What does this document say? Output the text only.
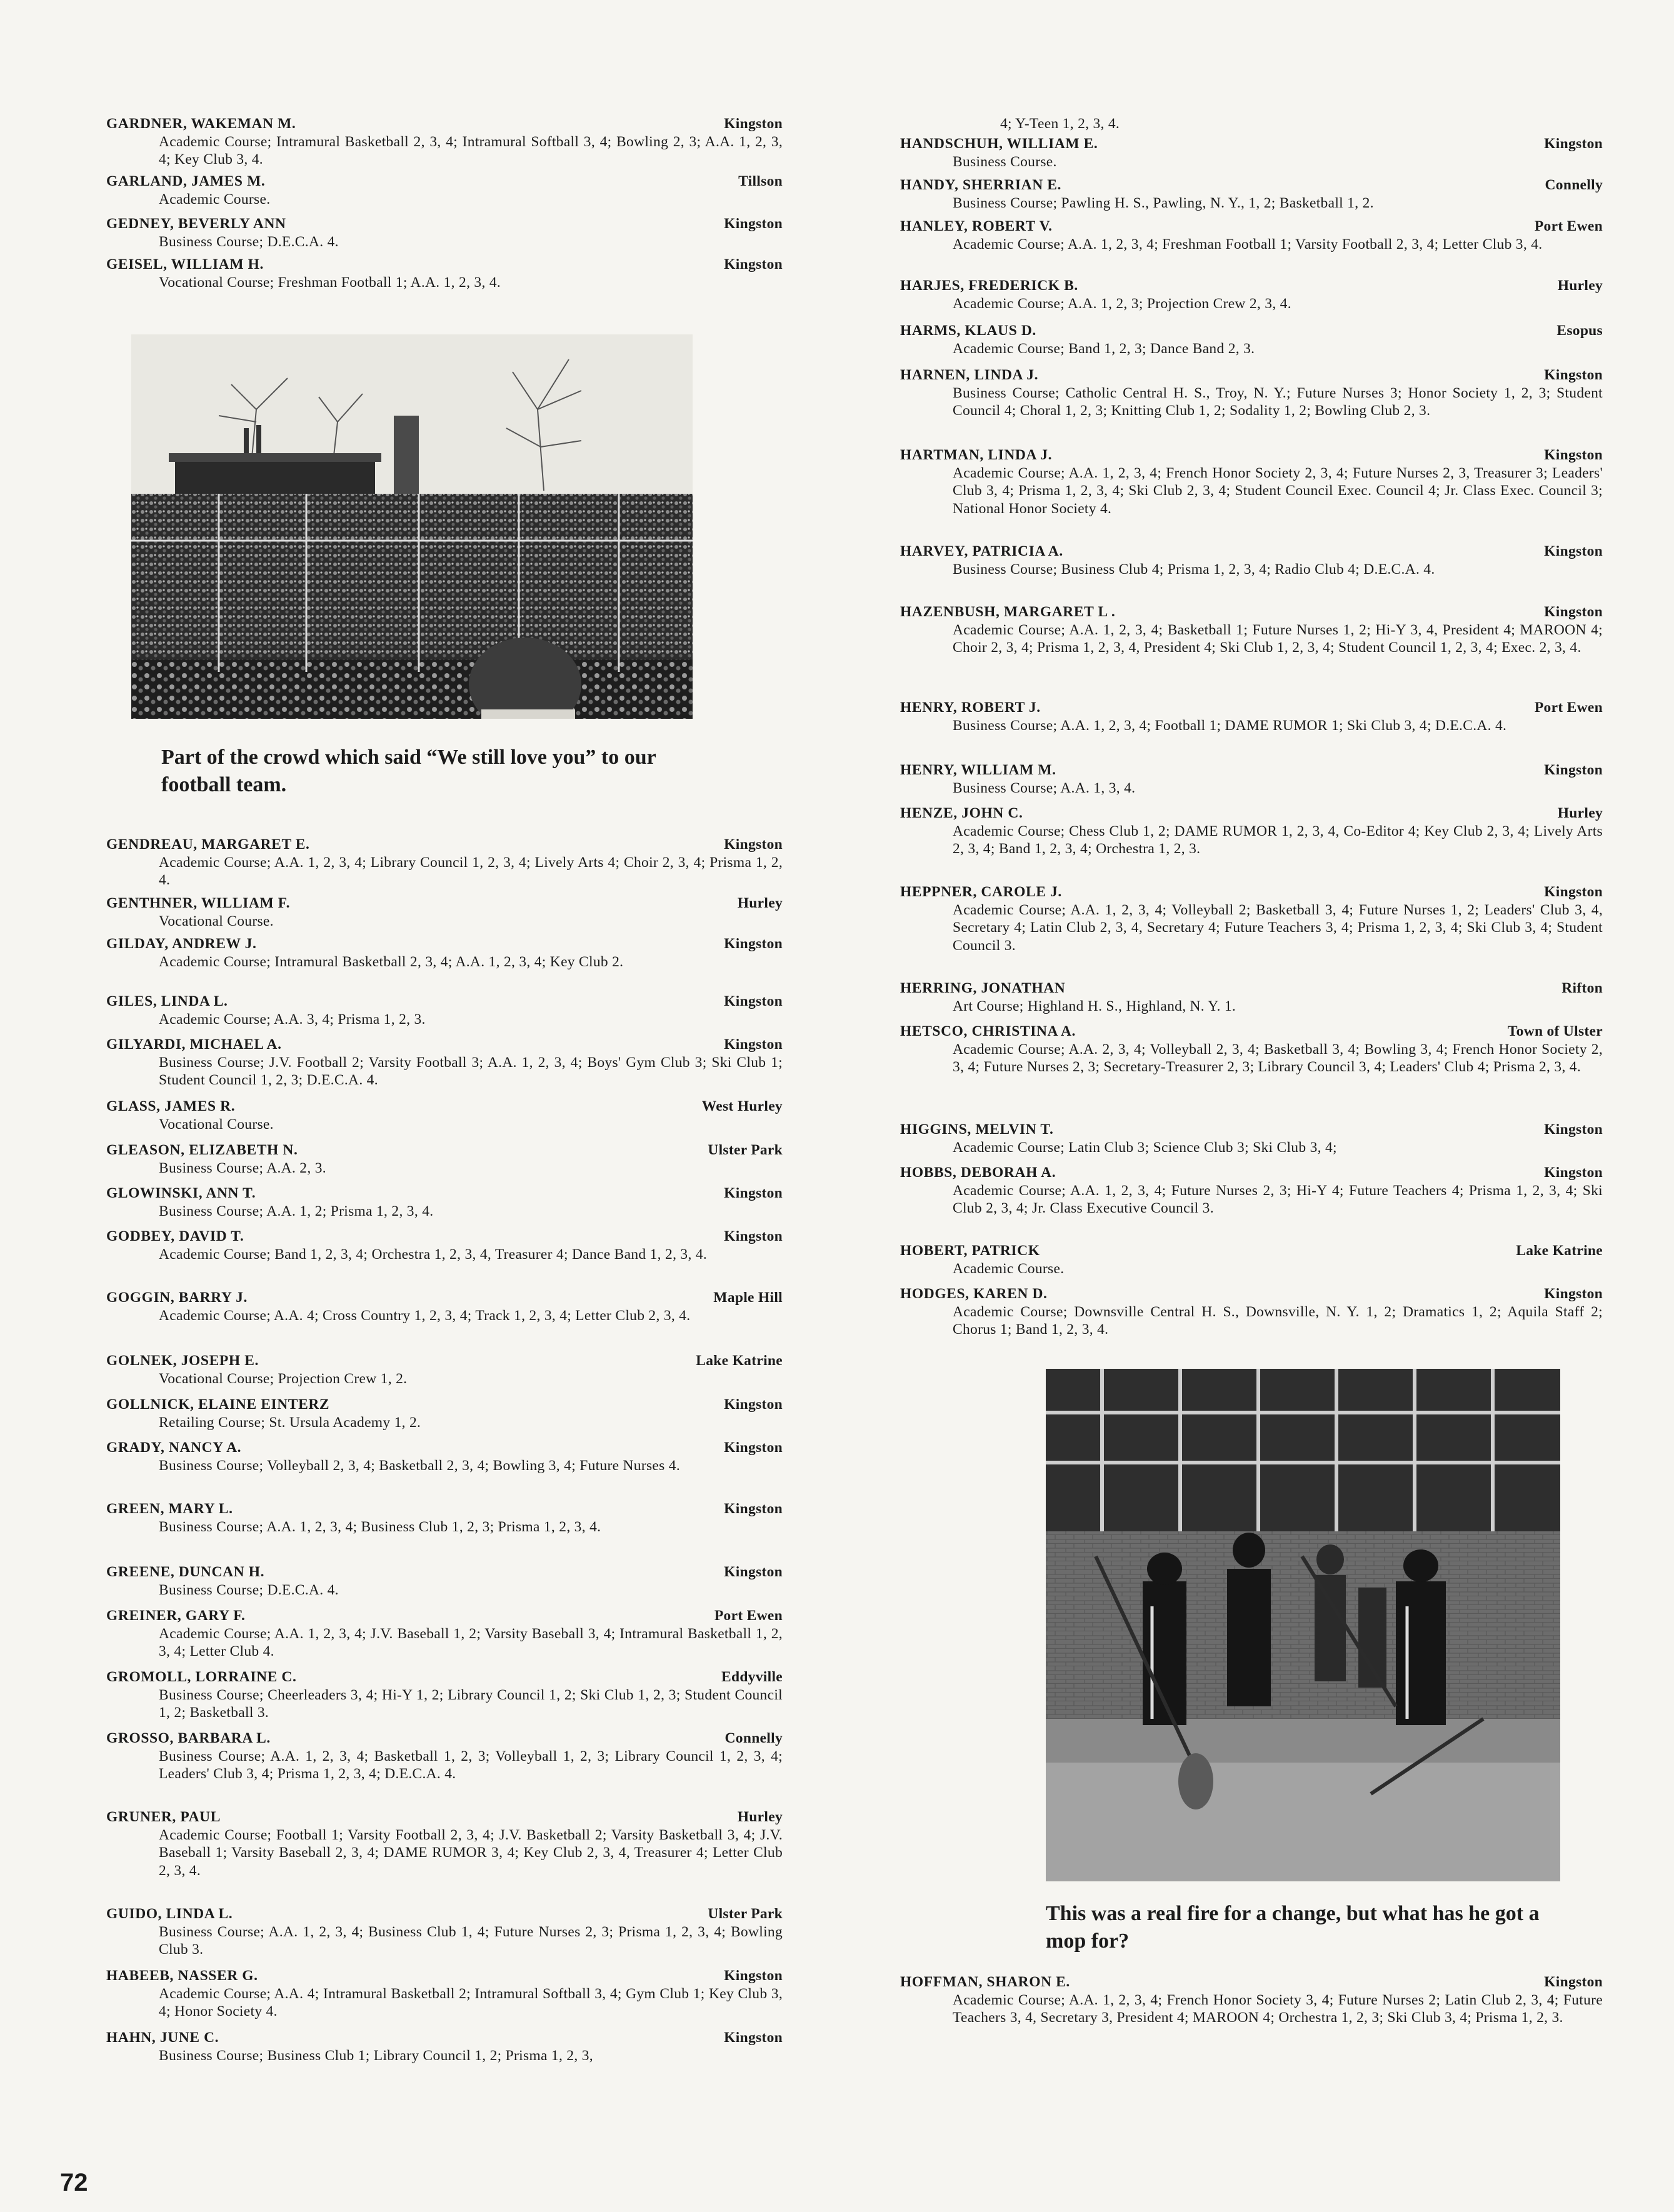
GARDNER, WAKEMAN M.	Kingston
Academic Course; Intramural Basketball 2, 3, 4; Intramural Softball 3, 4; Bowling 2, 3; A.A. 1, 2, 3, 4; Key Club 3, 4.
GARLAND, JAMES M.	Tillson
Academic Course.
GEDNEY, BEVERLY ANN	Kingston
Business Course; D.E.C.A. 4.
GEISEL, WILLIAM H.	Kingston
Vocational Course; Freshman Football 1; A.A. 1, 2, 3, 4.
Part of the crowd which said “We still love you” to our football team.
GENDREAU, MARGARET E.	Kingston
Academic Course; A.A. 1, 2, 3, 4; Library Council 1, 2, 3, 4; Lively Arts 4; Choir 2, 3, 4; Prisma 1, 2, 4.
GENTHNER, WILLIAM F.	Hurley
Vocational Course.
GILDAY, ANDREW J.	Kingston
Academic Course; Intramural Basketball 2, 3, 4; A.A. 1, 2, 3, 4; Key Club 2.
GILES, LINDA L.	Kingston
Academic Course; A.A. 3, 4; Prisma 1, 2, 3.
GILYARDI, MICHAEL A.	Kingston
Business Course; J.V. Football 2; Varsity Football 3; A.A. 1, 2, 3, 4; Boys' Gym Club 3; Ski Club 1; Student Council 1, 2, 3; D.E.C.A. 4.
GLASS, JAMES R.	West Hurley
Vocational Course.
GLEASON, ELIZABETH N.	Ulster Park
Business Course; A.A. 2, 3.
GLOWINSKI, ANN T.	Kingston
Business Course; A.A. 1, 2; Prisma 1, 2, 3, 4.
GODBEY, DAVID T.	Kingston
Academic Course; Band 1, 2, 3, 4; Orchestra 1, 2, 3, 4, Treasurer 4; Dance Band 1, 2, 3, 4.
GOGGIN, BARRY J.	Maple Hill
Academic Course; A.A. 4; Cross Country 1, 2, 3, 4; Track 1, 2, 3, 4; Letter Club 2, 3, 4.
GOLNEK, JOSEPH E.	Lake Katrine
Vocational Course; Projection Crew 1, 2.
GOLLNICK, ELAINE EINTERZ	Kingston
Retailing Course; St. Ursula Academy 1, 2.
GRADY, NANCY A.	Kingston
Business Course; Volleyball 2, 3, 4; Basketball 2, 3, 4; Bowling 3, 4; Future Nurses 4.
GREEN, MARY L.	Kingston
Business Course; A.A. 1, 2, 3, 4; Business Club 1, 2, 3; Prisma 1, 2, 3, 4.
GREENE, DUNCAN H.	Kingston
Business Course; D.E.C.A. 4.
GREINER, GARY F.	Port Ewen
Academic Course; A.A. 1, 2, 3, 4; J.V. Baseball 1, 2; Varsity Baseball 3, 4; Intramural Basketball 1, 2, 3, 4; Letter Club 4.
GROMOLL, LORRAINE C.	Eddyville
Business Course; Cheerleaders 3, 4; Hi-Y 1, 2; Library Council 1, 2; Ski Club 1, 2, 3; Student Council 1, 2; Basketball 3.
GROSSO, BARBARA L.	Connelly
Business Course; A.A. 1, 2, 3, 4; Basketball 1, 2, 3; Volleyball 1, 2, 3; Library Council 1, 2, 3, 4; Leaders' Club 3, 4; Prisma 1, 2, 3, 4; D.E.C.A. 4.
GRUNER, PAUL	Hurley
Academic Course; Football 1; Varsity Football 2, 3, 4; J.V. Basketball 2; Varsity Basketball 3, 4; J.V. Baseball 1; Varsity Baseball 2, 3, 4; DAME RUMOR 3, 4; Key Club 2, 3, 4, Treasurer 4; Letter Club 2, 3, 4.
GUIDO, LINDA L.	Ulster Park
Business Course; A.A. 1, 2, 3, 4; Business Club 1, 4; Future Nurses 2, 3; Prisma 1, 2, 3, 4; Bowling Club 3.
HABEEB, NASSER G.	Kingston
Academic Course; A.A. 4; Intramural Basketball 2; Intramural Softball 3, 4; Gym Club 1; Key Club 3, 4; Honor Society 4.
HAHN, JUNE C.	Kingston
Business Course; Business Club 1; Library Council 1, 2; Prisma 1, 2, 3,
4; Y-Teen 1, 2, 3, 4.
HANDSCHUH, WILLIAM E.	Kingston
Business Course.
HANDY, SHERRIAN E.	Connelly
Business Course; Pawling H. S., Pawling, N. Y., 1, 2; Basketball 1, 2.
HANLEY, ROBERT V.	Port Ewen
Academic Course; A.A. 1, 2, 3, 4; Freshman Football 1; Varsity Football 2, 3, 4; Letter Club 3, 4.
HARJES, FREDERICK B.	Hurley
Academic Course; A.A. 1, 2, 3; Projection Crew 2, 3, 4.
HARMS, KLAUS D.	Esopus
Academic Course; Band 1, 2, 3; Dance Band 2, 3.
HARNEN, LINDA J.	Kingston
Business Course; Catholic Central H. S., Troy, N. Y.; Future Nurses 3; Honor Society 1, 2, 3; Student Council 4; Choral 1, 2, 3; Knitting Club 1, 2; Sodality 1, 2; Bowling Club 2, 3.
HARTMAN, LINDA J.	Kingston
Academic Course; A.A. 1, 2, 3, 4; French Honor Society 2, 3, 4; Future Nurses 2, 3, Treasurer 3; Leaders' Club 3, 4; Prisma 1, 2, 3, 4; Ski Club 2, 3, 4; Student Council Exec. Council 4; Jr. Class Exec. Council 3; National Honor Society 4.
HARVEY, PATRICIA A.	Kingston
Business Course; Business Club 4; Prisma 1, 2, 3, 4; Radio Club 4; D.E.C.A. 4.
HAZENBUSH, MARGARET L .	Kingston
Academic Course; A.A. 1, 2, 3, 4; Basketball 1; Future Nurses 1, 2; Hi-Y 3, 4, President 4; MAROON 4; Choir 2, 3, 4; Prisma 1, 2, 3, 4, President 4; Ski Club 1, 2, 3, 4; Student Council 1, 2, 3, 4; Exec. 2, 3, 4.
HENRY, ROBERT J.	Port Ewen
Business Course; A.A. 1, 2, 3, 4; Football 1; DAME RUMOR 1; Ski Club 3, 4; D.E.C.A. 4.
HENRY, WILLIAM M.	Kingston
Business Course; A.A. 1, 3, 4.
HENZE, JOHN C.	Hurley
Academic Course; Chess Club 1, 2; DAME RUMOR 1, 2, 3, 4, Co-Editor 4; Key Club 2, 3, 4; Lively Arts 2, 3, 4; Band 1, 2, 3, 4; Orchestra 1, 2, 3.
HEPPNER, CAROLE J.	Kingston
Academic Course; A.A. 1, 2, 3, 4; Volleyball 2; Basketball 3, 4; Future Nurses 1, 2; Leaders' Club 3, 4, Secretary 4; Latin Club 2, 3, 4, Secretary 4; Future Teachers 3, 4; Prisma 1, 2, 3, 4; Ski Club 3, 4; Student Council 3.
HERRING, JONATHAN	Rifton
Art Course; Highland H. S., Highland, N. Y. 1.
HETSCO, CHRISTINA A.	Town of Ulster
Academic Course; A.A. 2, 3, 4; Volleyball 2, 3, 4; Basketball 3, 4; Bowling 3, 4; French Honor Society 2, 3, 4; Future Nurses 2, 3; Secretary-Treasurer 2, 3; Library Council 3, 4; Leaders' Club 4; Prisma 2, 3, 4.
HIGGINS, MELVIN T.	Kingston
Academic Course; Latin Club 3; Science Club 3; Ski Club 3, 4;
HOBBS, DEBORAH A.	Kingston
Academic Course; A.A. 1, 2, 3, 4; Future Nurses 2, 3; Hi-Y 4; Future Teachers 4; Prisma 1, 2, 3, 4; Ski Club 2, 3, 4; Jr. Class Executive Council 3.
HOBERT, PATRICK	Lake Katrine
Academic Course.
HODGES, KAREN D.	Kingston
Academic Course; Downsville Central H. S., Downsville, N. Y. 1, 2; Dramatics 1, 2; Aquila Staff 2; Chorus 1; Band 1, 2, 3, 4.
This was a real fire for a change, but what has he got a mop for?
HOFFMAN, SHARON E.	Kingston
Academic Course; A.A. 1, 2, 3, 4; French Honor Society 3, 4; Future Nurses 2; Latin Club 2, 3, 4; Future Teachers 3, 4, Secretary 3, President 4; MAROON 4; Orchestra 1, 2, 3; Ski Club 3, 4; Prisma 1, 2, 3.
72
